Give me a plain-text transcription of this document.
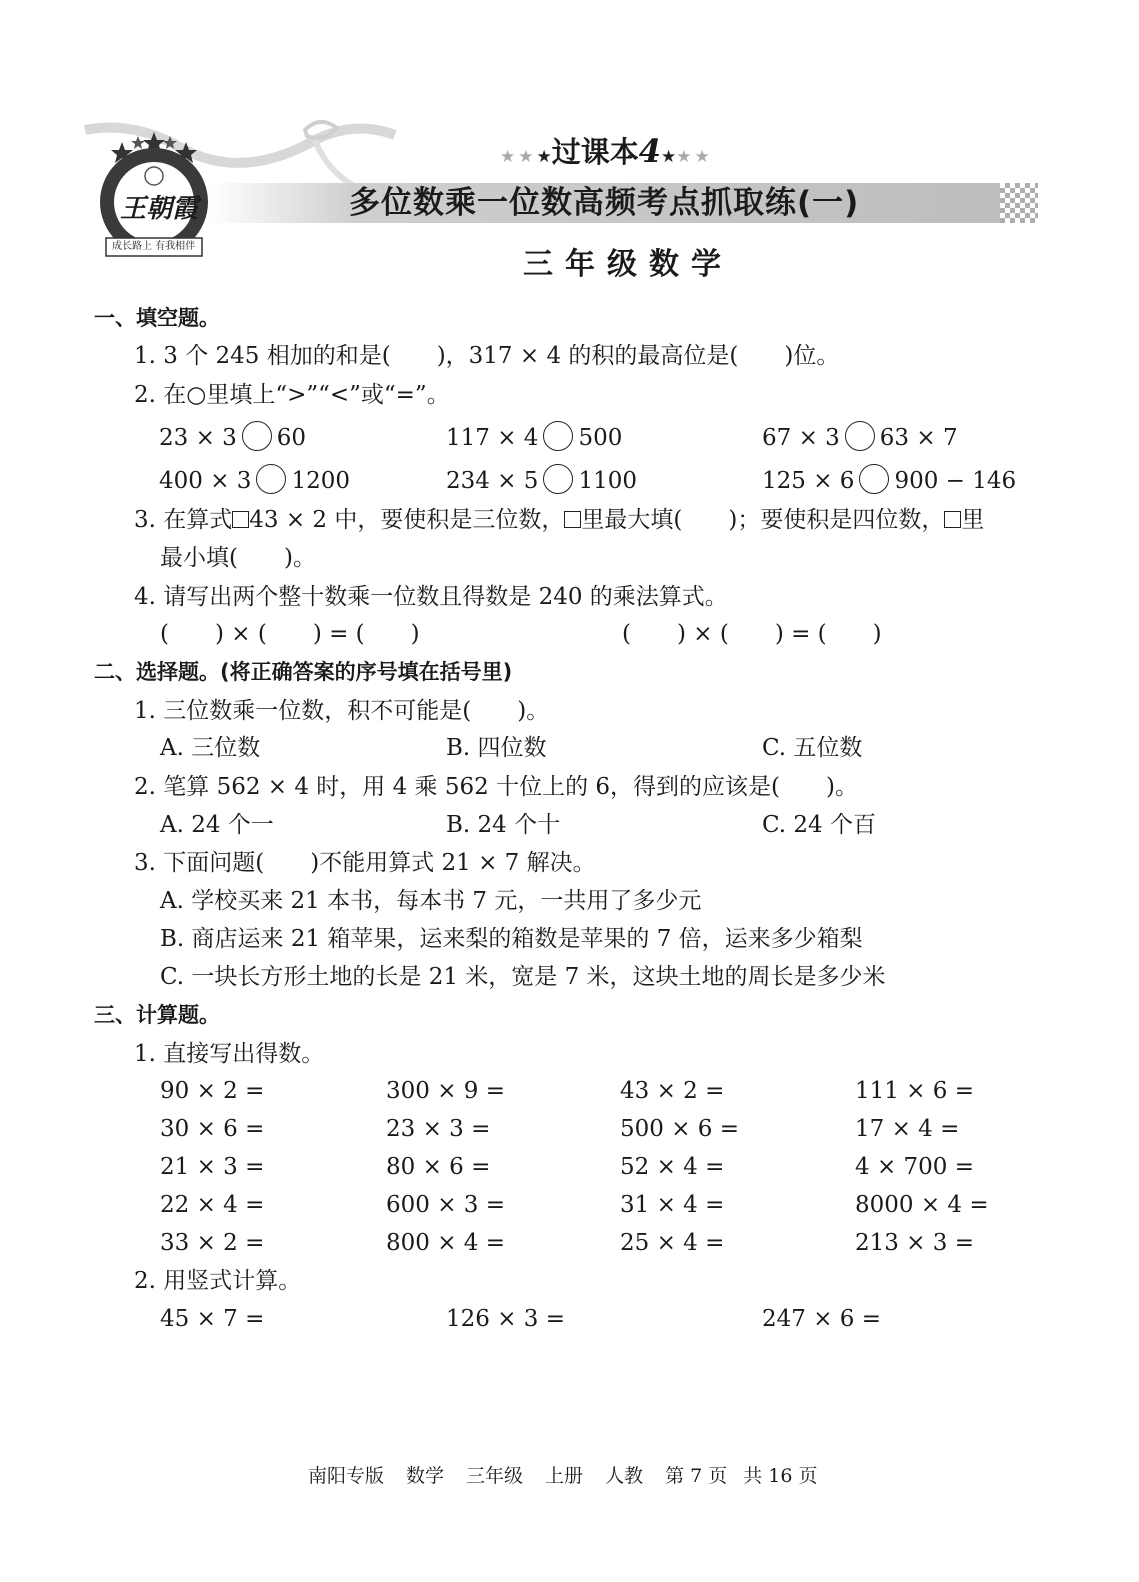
王朝霞
成长路上 有我相伴
★★★过课本4★★★
多位数乘一位数高频考点抓取练(一)
三年级数学
一、填空题。
1. 3 个 245 相加的和是(　　)，317 × 4 的积的最高位是(　　)位。
2. 在○里填上“>”“<”或“=”。
23 × 3 60	117 × 4 500	67 × 3 63 × 7
400 × 3 1200	234 × 5 1100	125 × 6 900 − 146
3. 在算式 43 × 2 中，要使积是三位数， 里最大填(　　)；要使积是四位数， 里
最小填(　　)。
4. 请写出两个整十数乘一位数且得数是 240 的乘法算式。
(　　) × (　　) = (　　)	(　　) × (　　) = (　　)
二、选择题。(将正确答案的序号填在括号里)
1. 三位数乘一位数，积不可能是(　　)。
A. 三位数	B. 四位数	C. 五位数
2. 笔算 562 × 4 时，用 4 乘 562 十位上的 6，得到的应该是(　　)。
A. 24 个一	B. 24 个十	C. 24 个百
3. 下面问题(　　)不能用算式 21 × 7 解决。
A. 学校买来 21 本书，每本书 7 元，一共用了多少元
B. 商店运来 21 箱苹果，运来梨的箱数是苹果的 7 倍，运来多少箱梨
C. 一块长方形土地的长是 21 米，宽是 7 米，这块土地的周长是多少米
三、计算题。
1. 直接写出得数。
90 × 2 =	300 × 9 =	43 × 2 =	111 × 6 =
30 × 6 =	23 × 3 =	500 × 6 =	17 × 4 =
21 × 3 =	80 × 6 =	52 × 4 =	4 × 700 =
22 × 4 =	600 × 3 =	31 × 4 =	8000 × 4 =
33 × 2 =	800 × 4 =	25 × 4 =	213 × 3 =
2. 用竖式计算。
45 × 7 =	126 × 3 =	247 × 6 =
南阳专版 数学 三年级 上册 人教 第 7 页 共 16 页
